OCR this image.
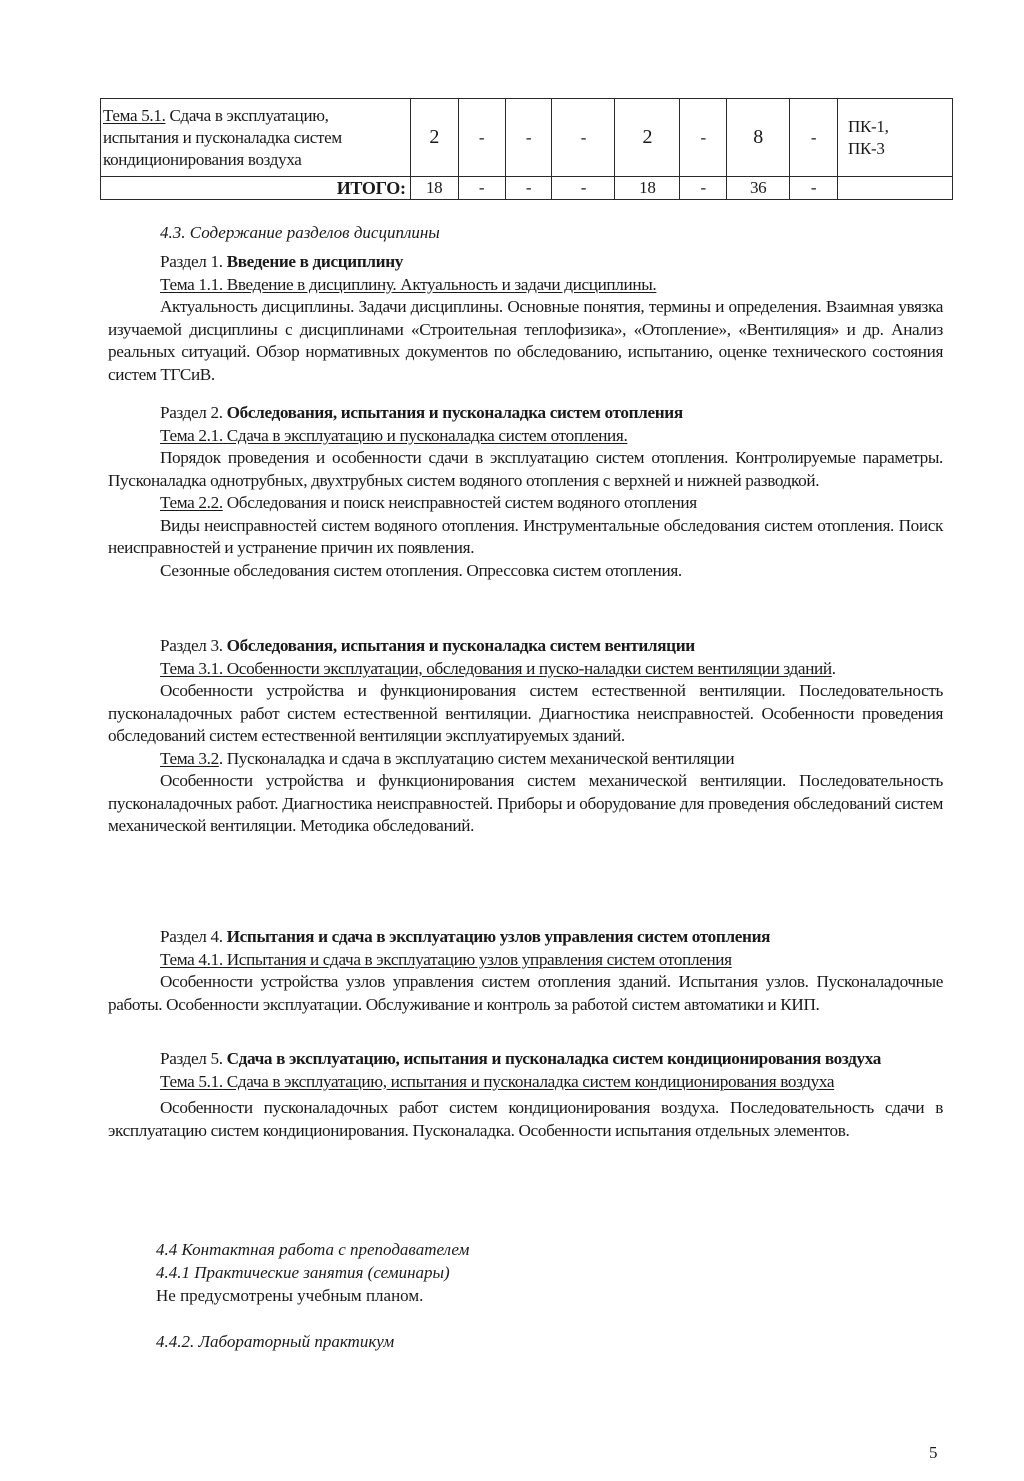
Тема 5.1. Сдача в эксплуатацию, испытания и пусконаладка систем кондиционирования воздуха	2	-	-	-	2	-	8	-	ПК-1,
ПК-3
ИТОГО:	18	-	-	-	18	-	36	-	
4.3. Содержание разделов дисциплины

Раздел 1. Введение в дисциплину

Тема 1.1. Введение в дисциплину. Актуальность и задачи дисциплины.

Актуальность дисциплины. Задачи дисциплины. Основные понятия, термины и определения. Взаимная увязка изучаемой дисциплины с дисциплинами «Строительная теплофизика», «Отопление», «Вентиляция» и др. Анализ реальных ситуаций. Обзор нормативных документов по обследованию, испытанию, оценке технического состояния систем ТГСиВ.

Раздел 2. Обследования, испытания и пусконаладка систем отопления

Тема 2.1. Сдача в эксплуатацию и пусконаладка систем отопления.

Порядок проведения и особенности сдачи в эксплуатацию систем отопления. Контролируемые параметры. Пусконаладка однотрубных, двухтрубных систем водяного отопления с верхней и нижней разводкой.

Тема 2.2. Обследования и поиск неисправностей систем водяного отопления

Виды неисправностей систем водяного отопления. Инструментальные обследования систем отопления. Поиск неисправностей и устранение причин их появления.

Сезонные обследования систем отопления. Опрессовка систем отопления.

Раздел 3. Обследования, испытания и пусконаладка систем вентиляции

Тема 3.1. Особенности эксплуатации, обследования и пуско-наладки систем вентиляции зданий.

Особенности устройства и функционирования систем естественной вентиляции. Последовательность пусконаладочных работ систем естественной вентиляции. Диагностика неисправностей. Особенности проведения обследований систем естественной вентиляции эксплуатируемых зданий.

Тема 3.2. Пусконаладка и сдача в эксплуатацию систем механической вентиляции

Особенности устройства и функционирования систем механической вентиляции. Последовательность пусконаладочных работ. Диагностика неисправностей. Приборы и оборудование для проведения обследований систем механической вентиляции. Методика обследований.

Раздел 4. Испытания и сдача в эксплуатацию узлов управления систем отопления

Тема 4.1. Испытания и сдача в эксплуатацию узлов управления систем отопления

Особенности устройства узлов управления систем отопления зданий. Испытания узлов. Пусконаладочные работы. Особенности эксплуатации. Обслуживание и контроль за работой систем автоматики и КИП.

Раздел 5. Сдача в эксплуатацию, испытания и пусконаладка систем кондиционирования воздуха

Тема 5.1. Сдача в эксплуатацию, испытания и пусконаладка систем кондиционирования воздуха

Особенности пусконаладочных работ систем кондиционирования воздуха. Последовательность сдачи в эксплуатацию систем кондиционирования. Пусконаладка. Особенности испытания отдельных элементов.

4.4 Контактная работа с преподавателем

4.4.1 Практические занятия (семинары)

Не предусмотрены учебным планом.

4.4.2. Лабораторный практикум

5
